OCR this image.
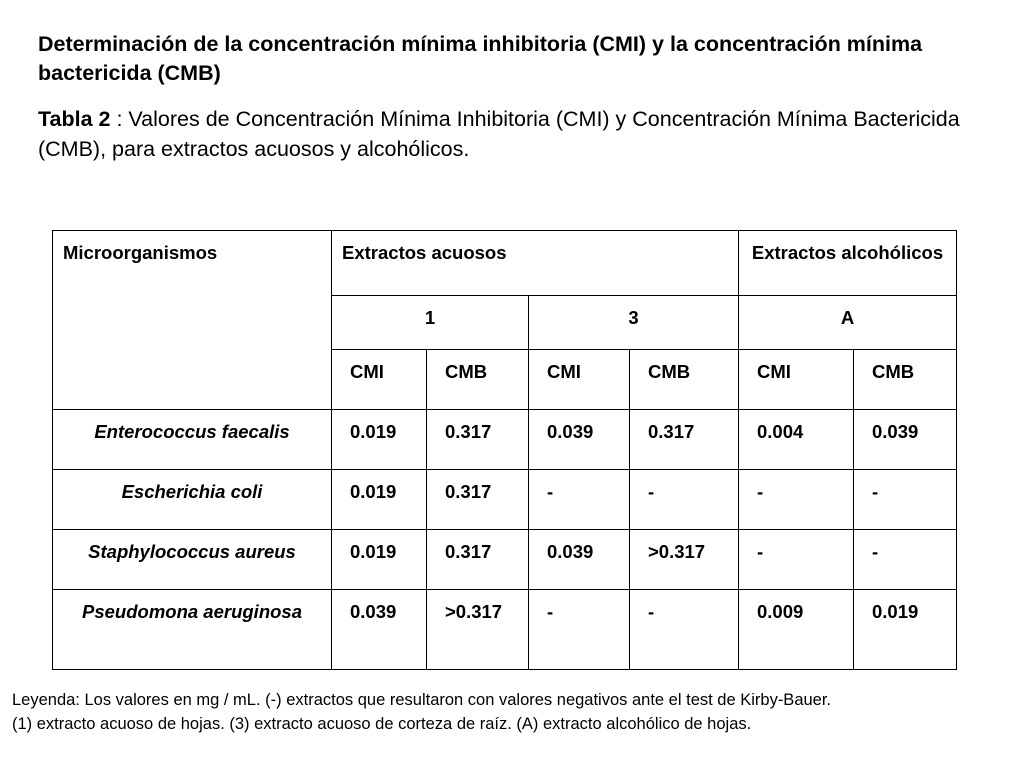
Determinación de la concentración mínima inhibitoria (CMI) y la concentración mínima bactericida (CMB)

Tabla 2 : Valores de Concentración Mínima Inhibitoria (CMI) y Concentración Mínima Bactericida (CMB), para extractos acuosos y alcohólicos.

Microorganismos	Extractos acuosos				Extractos alcohólicos	
	1		3		A	
	CMI	CMB	CMI	CMB	CMI	CMB
Enterococcus faecalis	0.019	0.317	0.039	0.317	0.004	0.039
Escherichia coli	0.019	0.317	-	-	-	-
Staphylococcus aureus	0.019	0.317	0.039	>0.317	-	-
Pseudomona aeruginosa	0.039	>0.317	-	-	0.009	0.019
Leyenda: Los valores en mg / mL. (-) extractos que resultaron con valores negativos ante el test de Kirby-Bauer.
(1) extracto acuoso de hojas. (3) extracto acuoso de corteza de raíz. (A) extracto alcohólico de hojas.
